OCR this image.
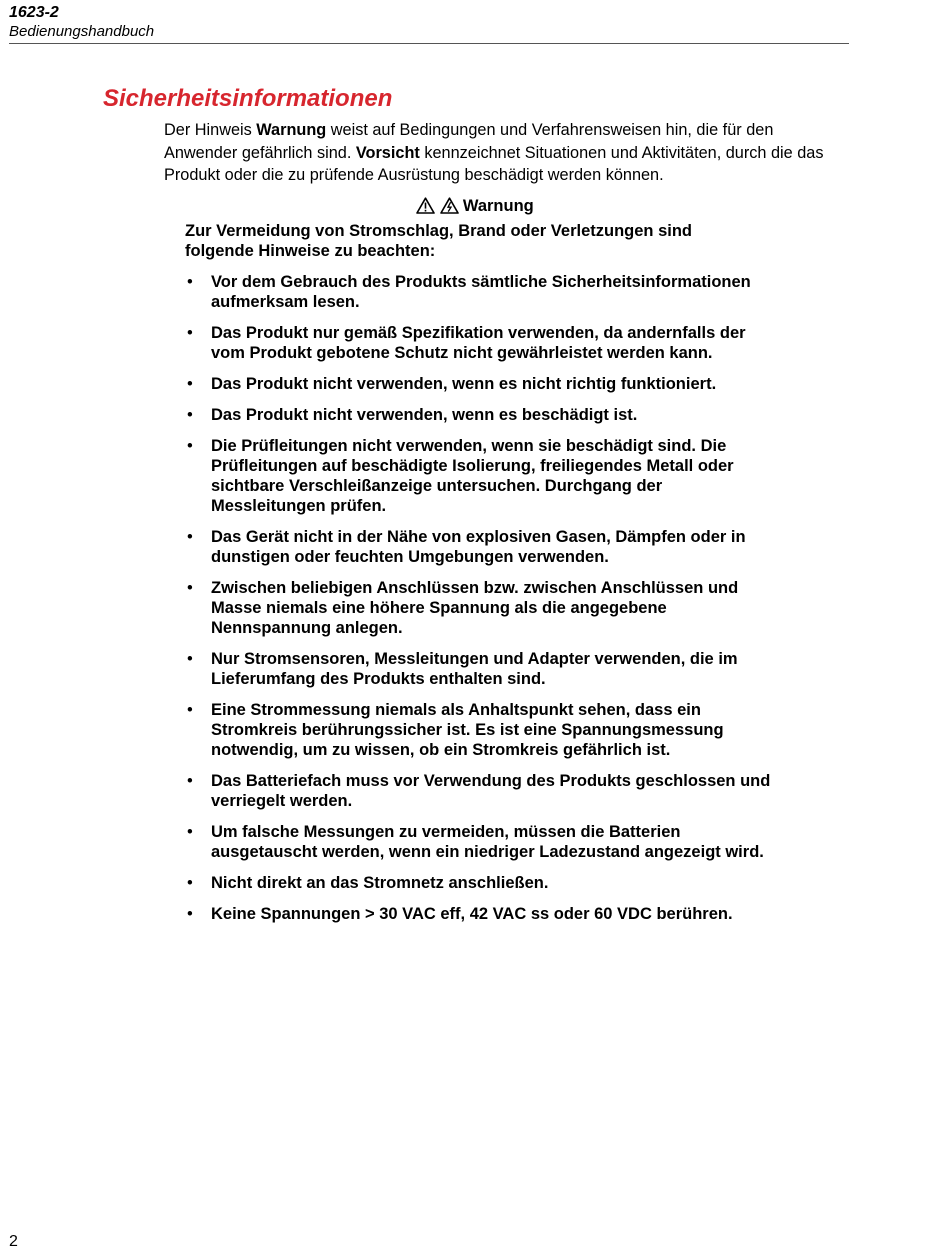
1623-2
Bedienungshandbuch
Sicherheitsinformationen

Der Hinweis Warnung weist auf Bedingungen und Verfahrensweisen hin, die für den Anwender gefährlich sind. Vorsicht kennzeichnet Situationen und Aktivitäten, durch die das Produkt oder die zu prüfende Ausrüstung beschädigt werden können.

Warnung

Zur Vermeidung von Stromschlag, Brand oder Verletzungen sind folgende Hinweise zu beachten:

• Vor dem Gebrauch des Produkts sämtliche Sicherheitsinformationen aufmerksam lesen.
• Das Produkt nur gemäß Spezifikation verwenden, da andernfalls der vom Produkt gebotene Schutz nicht gewährleistet werden kann.
• Das Produkt nicht verwenden, wenn es nicht richtig funktioniert.
• Das Produkt nicht verwenden, wenn es beschädigt ist.
• Die Prüfleitungen nicht verwenden, wenn sie beschädigt sind. Die Prüfleitungen auf beschädigte Isolierung, freiliegendes Metall oder sichtbare Verschleißanzeige untersuchen. Durchgang der Messleitungen prüfen.
• Das Gerät nicht in der Nähe von explosiven Gasen, Dämpfen oder in dunstigen oder feuchten Umgebungen verwenden.
• Zwischen beliebigen Anschlüssen bzw. zwischen Anschlüssen und Masse niemals eine höhere Spannung als die angegebene Nennspannung anlegen.
• Nur Stromsensoren, Messleitungen und Adapter verwenden, die im Lieferumfang des Produkts enthalten sind.
• Eine Strommessung niemals als Anhaltspunkt sehen, dass ein Stromkreis berührungssicher ist. Es ist eine Spannungsmessung notwendig, um zu wissen, ob ein Stromkreis gefährlich ist.
• Das Batteriefach muss vor Verwendung des Produkts geschlossen und verriegelt werden.
• Um falsche Messungen zu vermeiden, müssen die Batterien ausgetauscht werden, wenn ein niedriger Ladezustand angezeigt wird.
• Nicht direkt an das Stromnetz anschließen.
• Keine Spannungen > 30 VAC eff, 42 VAC ss oder 60 VDC berühren.
2
